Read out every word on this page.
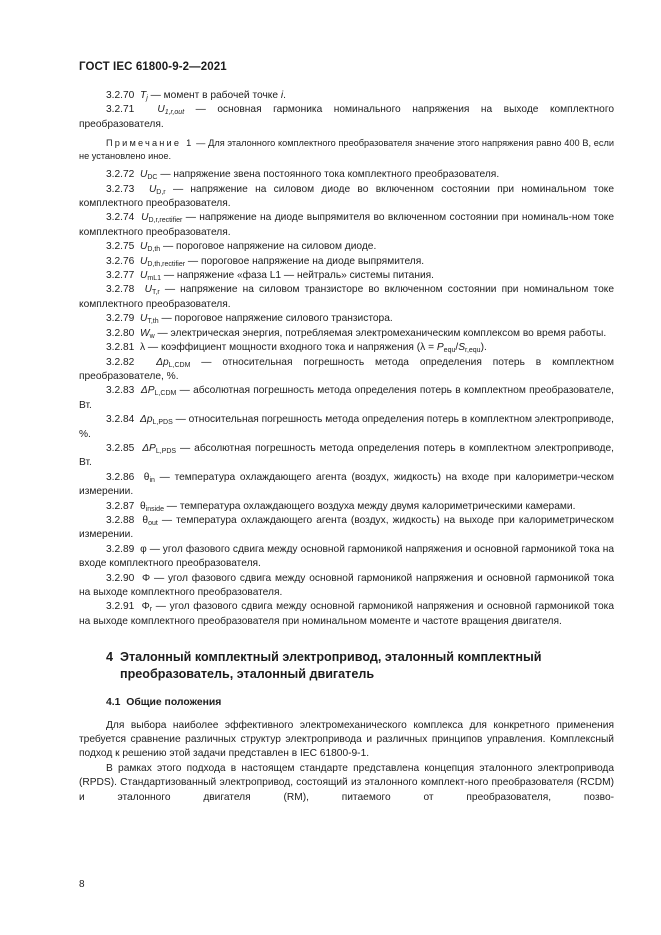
ГОСТ IEC 61800-9-2—2021

3.2.70 $T_j$ — момент в рабочей точке i.

3.2.71 $U_{1,r,out}$ — основная гармоника номинального напряжения на выходе комплектного преобразователя.

Примечание 1 — Для эталонного комплектного преобразователя значение этого напряжения равно 400 В, если не установлено иное.

3.2.72 $U_{DC}$ — напряжение звена постоянного тока комплектного преобразователя.

3.2.73 $U_{D,r}$ — напряжение на силовом диоде во включенном состоянии при номинальном токе комплектного преобразователя.

3.2.74 $U_{D,r,rectifier}$ — напряжение на диоде выпрямителя во включенном состоянии при номиналь-ном токе комплектного преобразователя.

3.2.75 $U_{D,th}$ — пороговое напряжение на силовом диоде.

3.2.76 $U_{D,th,rectifier}$ — пороговое напряжение на диоде выпрямителя.

3.2.77 $U_{mL1}$ — напряжение «фаза L1 — нейтраль» системы питания.

3.2.78 $U_{T,r}$ — напряжение на силовом транзисторе во включенном состоянии при номинальном токе комплектного преобразователя.

3.2.79 $U_{T,th}$ — пороговое напряжение силового транзистора.

3.2.80 $W_w$ — электрическая энергия, потребляемая электромеханическим комплексом во время работы.

3.2.81 λ — коэффициент мощности входного тока и напряжения $(\lambda = P_{equ}/S_{r,equ})$.

3.2.82 $\Delta p_{L,CDM}$ — относительная погрешность метода определения потерь в комплектном преобразователе, %.

3.2.83 $\Delta P_{L,CDM}$ — абсолютная погрешность метода определения потерь в комплектном преобразователе, Вт.

3.2.84 $\Delta p_{L,PDS}$ — относительная погрешность метода определения потерь в комплектном электроприводе, %.

3.2.85 $\Delta P_{L,PDS}$ — абсолютная погрешность метода определения потерь в комплектном электроприводе, Вт.

3.2.86 $\theta_{in}$ — температура охлаждающего агента (воздух, жидкость) на входе при калориметри-ческом измерении.

3.2.87 $\theta_{inside}$ — температура охлаждающего воздуха между двумя калориметрическими камерами.

3.2.88 $\theta_{out}$ — температура охлаждающего агента (воздух, жидкость) на выходе при калориметрическом измерении.

3.2.89 φ — угол фазового сдвига между основной гармоникой напряжения и основной гармоникой тока на входе комплектного преобразователя.

3.2.90 Φ — угол фазового сдвига между основной гармоникой напряжения и основной гармоникой тока на выходе комплектного преобразователя.

3.2.91 $\Phi_r$ — угол фазового сдвига между основной гармоникой напряжения и основной гармоникой тока на выходе комплектного преобразователя при номинальном моменте и частоте вращения двигателя.

4 Эталонный комплектный электропривод, эталонный комплектный
преобразователь, эталонный двигатель
4.1 Общие положения

Для выбора наиболее эффективного электромеханического комплекса для конкретного применения требуется сравнение различных структур электропривода и различных принципов управления. Комплексный подход к решению этой задачи представлен в IEC 61800-9-1.

В рамках этого подхода в настоящем стандарте представлена концепция эталонного электропривода (RPDS). Стандартизованный электропривод, состоящий из эталонного комплект-ного преобразователя (RCDM) и эталонного двигателя (RM), питаемого от преобразователя, позво-

8
